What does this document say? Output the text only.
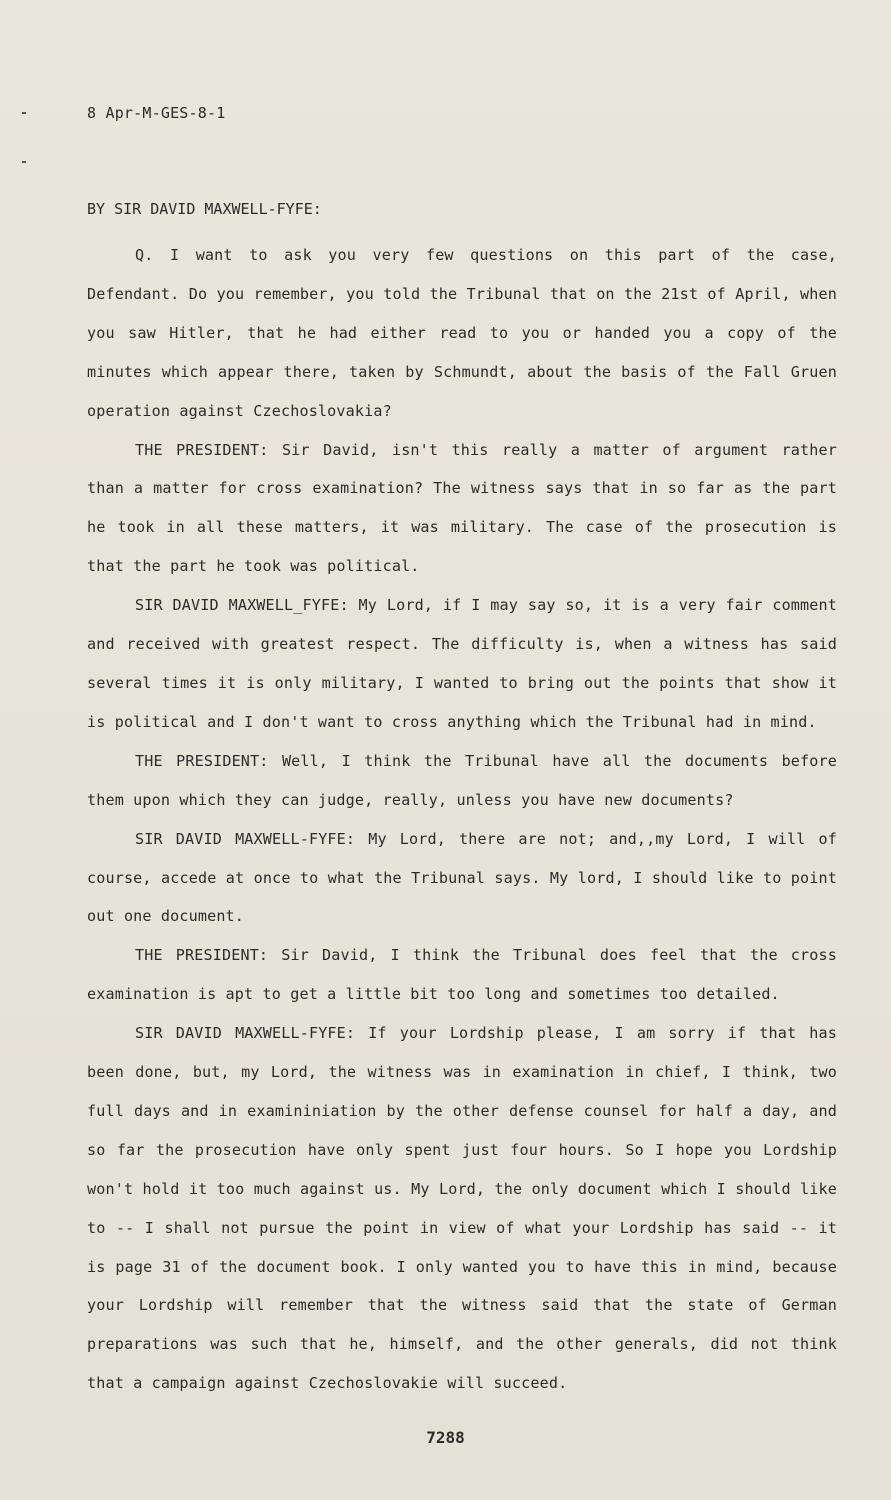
8 Apr-M-GES-8-1
BY SIR DAVID MAXWELL-FYFE:

Q. I want to ask you very few questions on this part of the case, Defendant. Do you remember, you told the Tribunal that on the 21st of April, when you saw Hitler, that he had either read to you or handed you a copy of the minutes which appear there, taken by Schmundt, about the basis of the Fall Gruen operation against Czechoslovakia?

THE PRESIDENT: Sir David, isn't this really a matter of argument rather than a matter for cross examination? The witness says that in so far as the part he took in all these matters, it was military. The case of the prosecution is that the part he took was political.

SIR DAVID MAXWELL_FYFE: My Lord, if I may say so, it is a very fair comment and received with greatest respect. The difficulty is, when a witness has said several times it is only military, I wanted to bring out the points that show it is political and I don't want to cross anything which the Tribunal had in mind.

THE PRESIDENT: Well, I think the Tribunal have all the documents before them upon which they can judge, really, unless you have new documents?

SIR DAVID MAXWELL-FYFE: My Lord, there are not; and,,my Lord, I will of course, accede at once to what the Tribunal says. My lord, I should like to point out one document.

THE PRESIDENT: Sir David, I think the Tribunal does feel that the cross examination is apt to get a little bit too long and sometimes too detailed.

SIR DAVID MAXWELL-FYFE: If your Lordship please, I am sorry if that has been done, but, my Lord, the witness was in examination in chief, I think, two full days and in examininiation by the other defense counsel for half a day, and so far the prosecution have only spent just four hours. So I hope you Lordship won't hold it too much against us. My Lord, the only document which I should like to -- I shall not pursue the point in view of what your Lordship has said -- it is page 31 of the document book. I only wanted you to have this in mind, because your Lordship will remember that the witness said that the state of German preparations was such that he, himself, and the other generals, did not think that a campaign against Czechoslovakie will succeed.

7288
